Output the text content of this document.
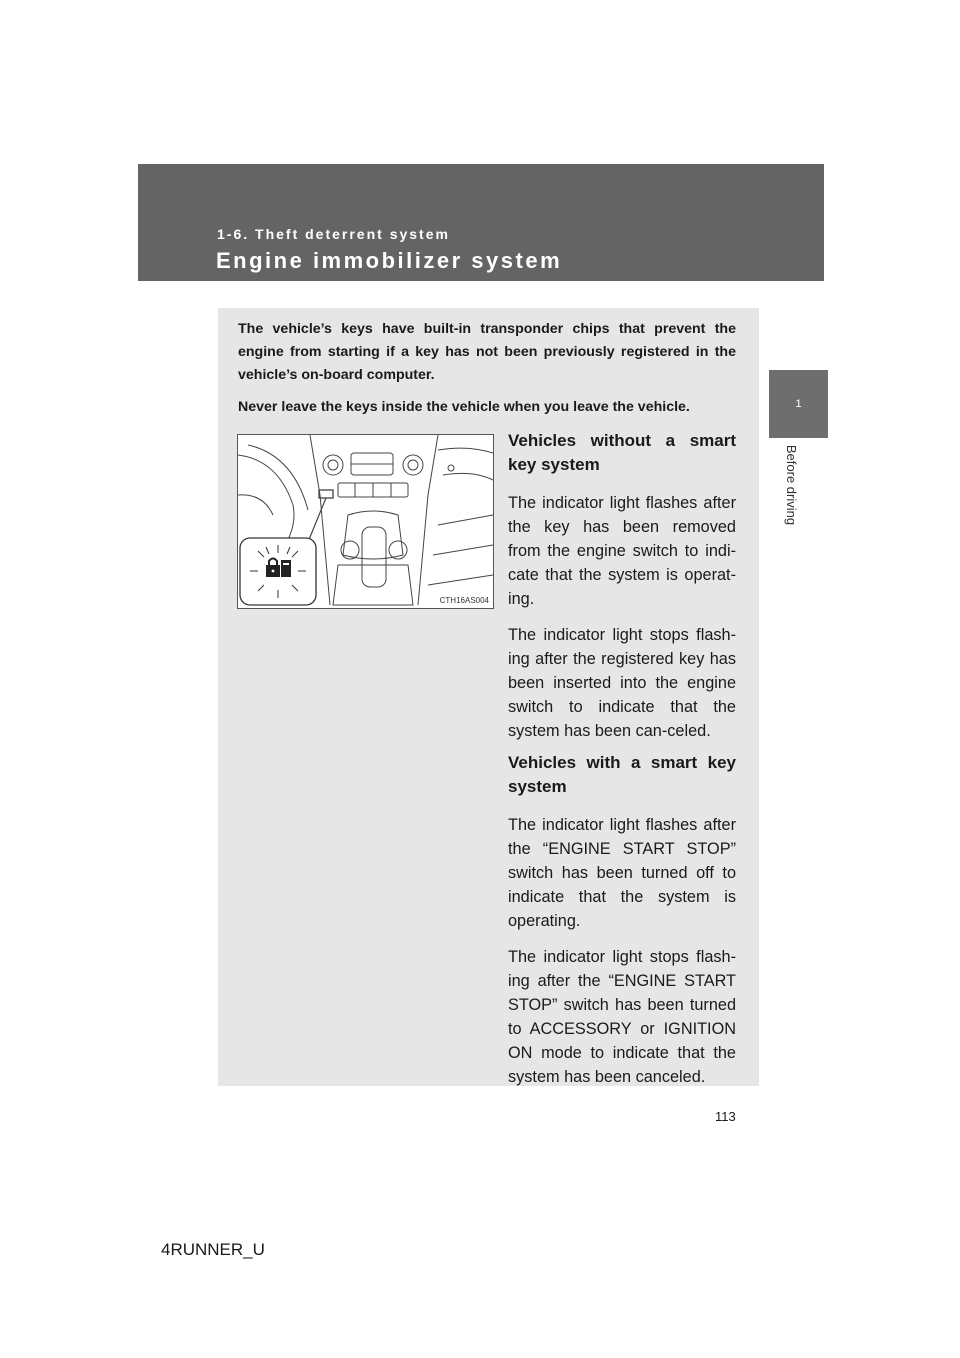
1-6. Theft deterrent system
Engine immobilizer system
1
Before driving

The vehicle’s keys have built-in transponder chips that prevent the engine from starting if a key has not been previously registered in the vehicle’s on-board computer.

Never leave the keys inside the vehicle when you leave the vehicle.

CTH16AS004
Vehicles without a smart key system

The indicator light flashes after the key has been removed from the engine switch to indi-cate that the system is operat-ing.

The indicator light stops flash-ing after the registered key has been inserted into the engine switch to indicate that the system has been can-celed.

Vehicles with a smart key system

The indicator light flashes after the “ENGINE START STOP” switch has been turned off to indicate that the system is operating.

The indicator light stops flash-ing after the “ENGINE START STOP” switch has been turned to ACCESSORY or IGNITION ON mode to indicate that the system has been canceled.

113
4RUNNER_U
